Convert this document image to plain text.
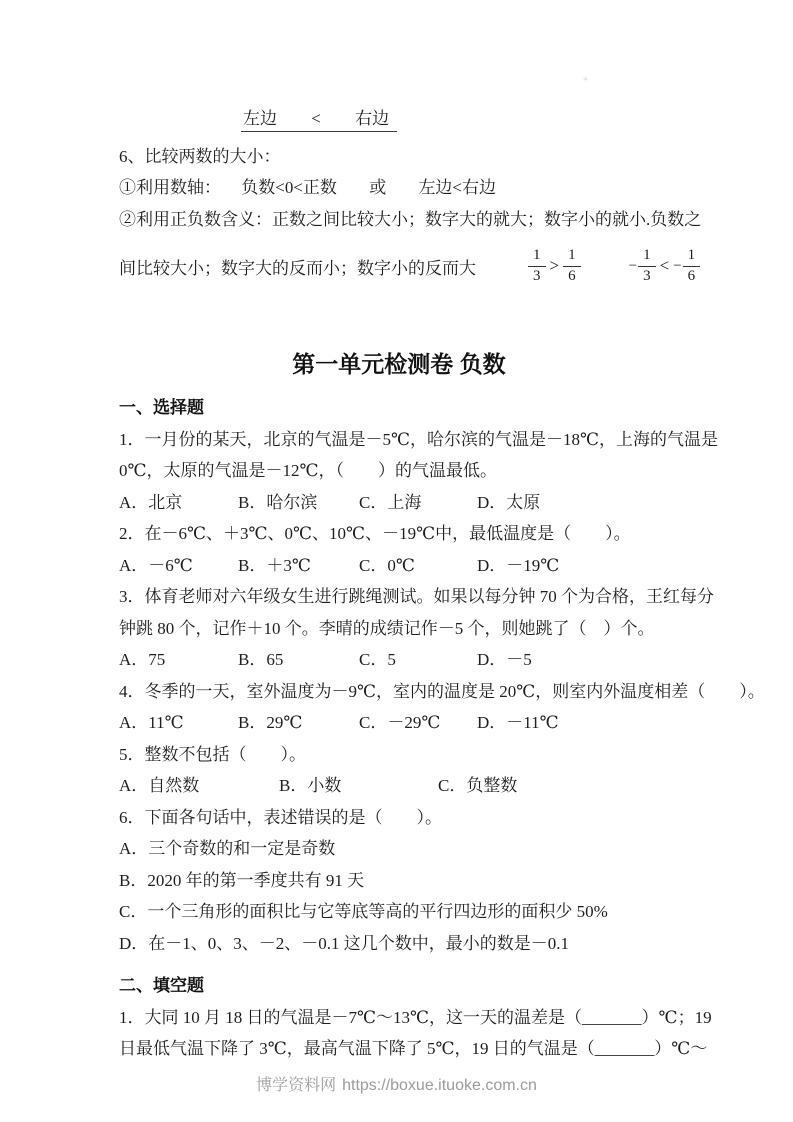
*
左边 < 右边
6、比较两数的大小：
①利用数轴： 负数<0<正数 或 左边<右边
②利用正负数含义：正数之间比较大小；数字大的就大；数字小的就小.负数之
间比较大小；数字大的反而小；数字小的反而大	$\frac{1}{3} > \frac{1}{6}$	− $\frac{1}{3}$ < − $\frac{1}{6}$
第一单元检测卷 负数
一、选择题
1．一月份的某天，北京的气温是－5℃，哈尔滨的气温是－18℃，上海的气温是
0℃，太原的气温是－12℃，（　　）的气温最低。
A．北京	B．哈尔滨	C．上海	D．太原
2．在－6℃、＋3℃、0℃、10℃、－19℃中，最低温度是（　　）。
A．－6℃	B．＋3℃	C．0℃	D．－19℃
3．体育老师对六年级女生进行跳绳测试。如果以每分钟 70 个为合格，王红每分
钟跳 80 个，记作＋10 个。李晴的成绩记作－5 个，则她跳了（　）个。
A．75	B．65	C．5	D．－5
4．冬季的一天，室外温度为－9℃，室内的温度是 20℃，则室内外温度相差（　　）。
A．11℃	B．29℃	C．－29℃	D．－11℃
5．整数不包括（　　）。
A．自然数	B．小数	C．负整数
6．下面各句话中，表述错误的是（　　）。
A．三个奇数的和一定是奇数
B．2020 年的第一季度共有 91 天
C．一个三角形的面积比与它等底等高的平行四边形的面积少 50%
D．在－1、0、3、－2、－0.1 这几个数中，最小的数是－0.1
二、填空题
1．大同 10 月 18 日的气温是－7℃～13℃，这一天的温差是（_______）℃；19
日最低气温下降了 3℃，最高气温下降了 5℃，19 日的气温是（_______）℃～
博学资料网 https://boxue.ituoke.com.cn
